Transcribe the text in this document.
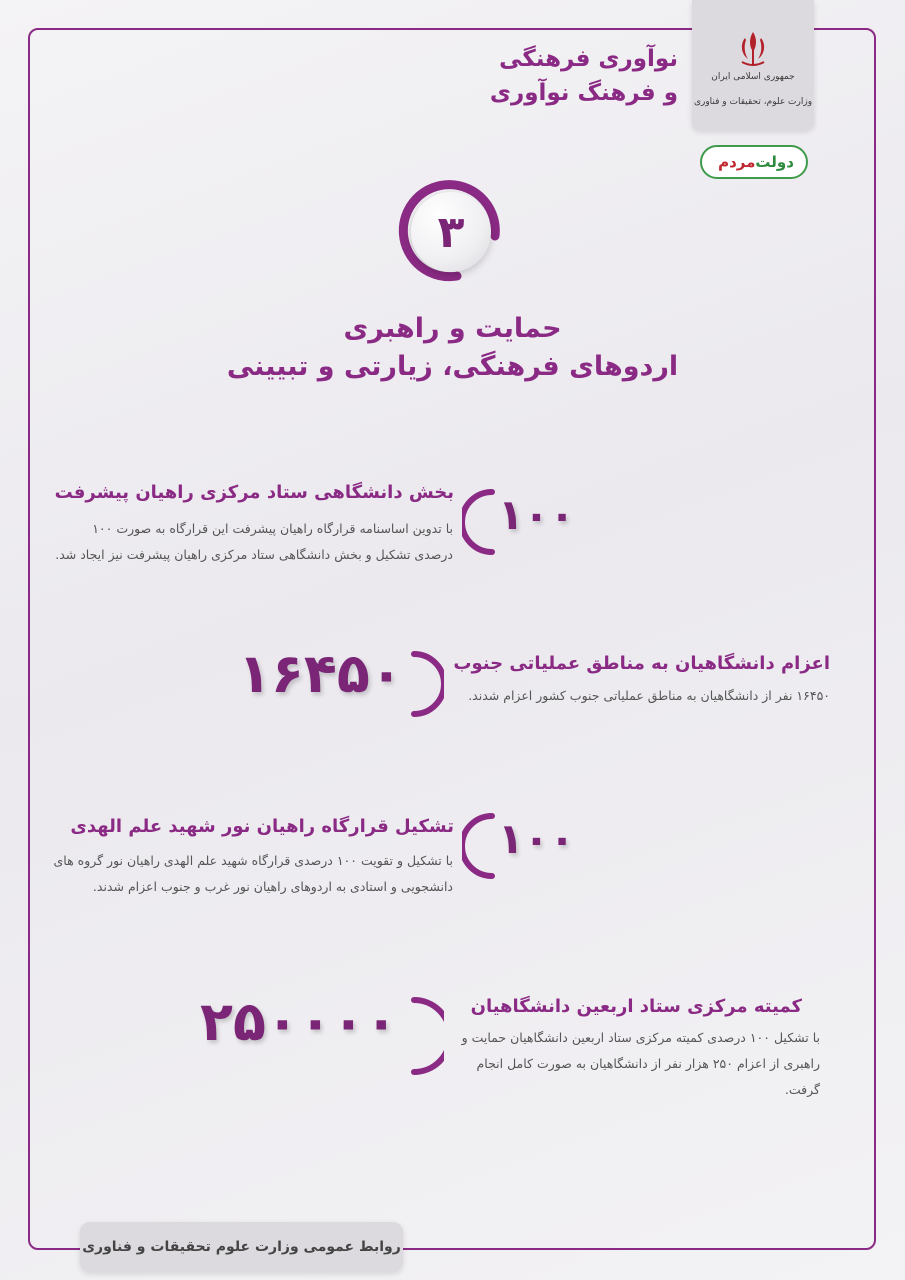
جمهوری اسلامی ایران
وزارت علوم، تحقیقات و فناوری
دولت
مردم
نوآوری فرهنگی
و فرهنگ نوآوری
۳
حمایت و راهبری
اردوهای فرهنگی، زیارتی و تبیینی
۱۰۰
بخش دانشگاهی ستاد مرکزی راهیان پیشرفت
با تدوین اساسنامه قرارگاه راهیان پیشرفت این قرارگاه به صورت ۱۰۰ درصدی تشکیل و بخش دانشگاهی ستاد مرکزی راهیان پیشرفت نیز ایجاد شد.
۱۶۴۵۰	اعزام دانشگاهیان به مناطق عملیاتی جنوب
۱۶۴۵۰ نفر از دانشگاهیان به مناطق عملیاتی جنوب کشور اعزام شدند.
۱۰۰
تشکیل قرارگاه راهیان نور شهید علم الهدی
با تشکیل و تقویت ۱۰۰ درصدی قرارگاه شهید علم الهدی راهیان نور گروه های دانشجویی و استادی به اردوهای راهیان نور غرب و جنوب اعزام شدند.
۲۵۰۰۰۰	کمیته مرکزی ستاد اربعین دانشگاهیان
با تشکیل ۱۰۰ درصدی کمیته مرکزی ستاد اربعین دانشگاهیان حمایت و راهبری از اعزام ۲۵۰ هزار نفر از دانشگاهیان به صورت کامل انجام گرفت.
روابط عمومی وزارت علوم تحقیقات و فناوری
